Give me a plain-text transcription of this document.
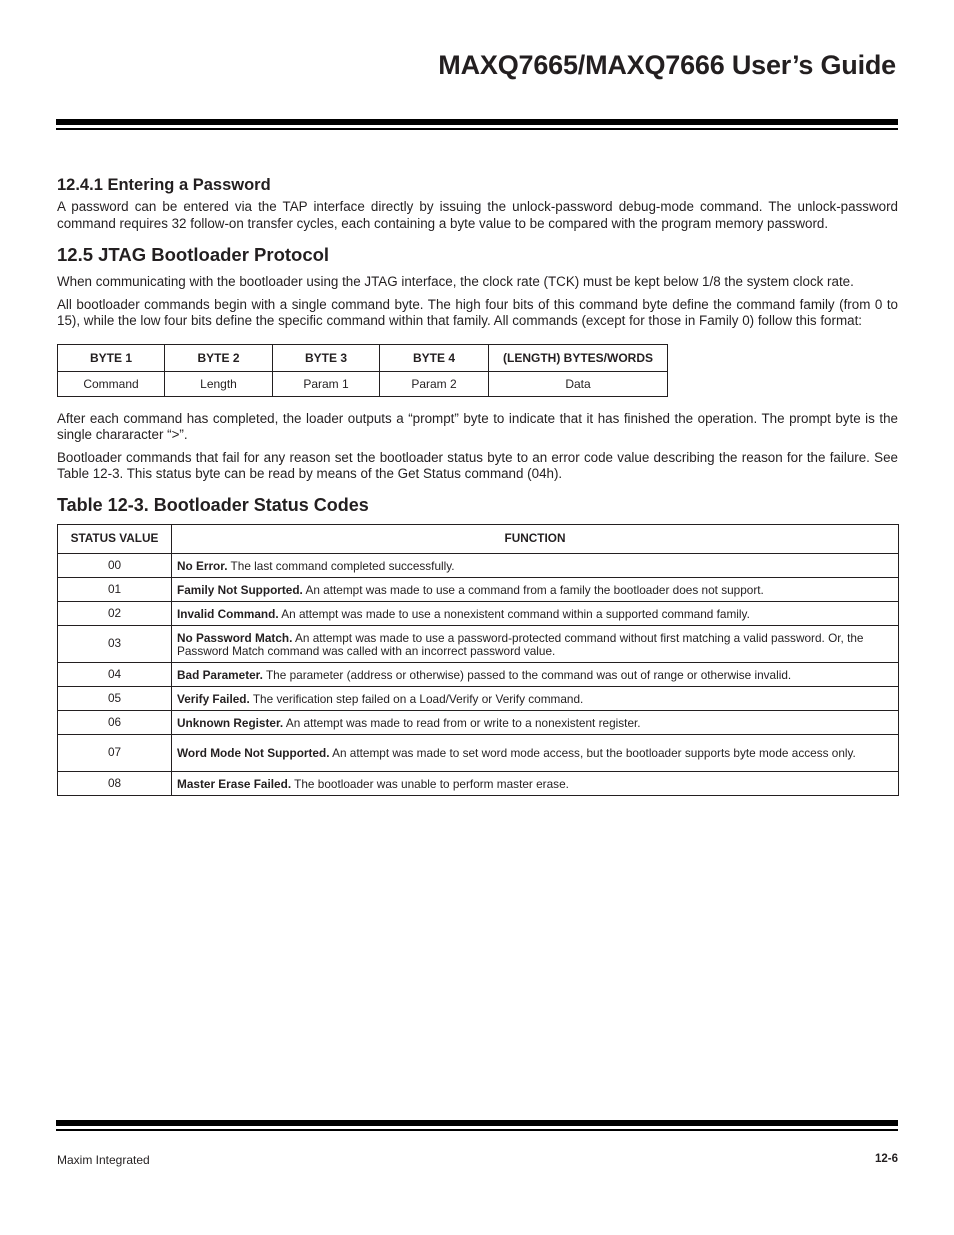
MAXQ7665/MAXQ7666 User’s Guide
12.4.1 Entering a Password

A password can be entered via the TAP interface directly by issuing the unlock-password debug-mode command. The unlock-password command requires 32 follow-on transfer cycles, each containing a byte value to be compared with the program memory password.

12.5 JTAG Bootloader Protocol

When communicating with the bootloader using the JTAG interface, the clock rate (TCK) must be kept below 1/8 the system clock rate.

All bootloader commands begin with a single command byte. The high four bits of this command byte define the command family (from 0 to 15), while the low four bits define the specific command within that family. All commands (except for those in Family 0) follow this format:

BYTE 1	BYTE 2	BYTE 3	BYTE 4	(LENGTH) BYTES/WORDS
Command	Length	Param 1	Param 2	Data

After each command has completed, the loader outputs a “prompt” byte to indicate that it has finished the operation. The prompt byte is the single chararacter “>”.

Bootloader commands that fail for any reason set the bootloader status byte to an error code value describing the reason for the failure. See Table 12-3. This status byte can be read by means of the Get Status command (04h).

Table 12-3. Bootloader Status Codes
STATUS VALUE	FUNCTION
00	No Error. The last command completed successfully.
01	Family Not Supported. An attempt was made to use a command from a family the bootloader does not support.
02	Invalid Command. An attempt was made to use a nonexistent command within a supported command family.
03	No Password Match. An attempt was made to use a password-protected command without first matching a valid password. Or, the Password Match command was called with an incorrect password value.
04	Bad Parameter. The parameter (address or otherwise) passed to the command was out of range or otherwise invalid.
05	Verify Failed. The verification step failed on a Load/Verify or Verify command.
06	Unknown Register. An attempt was made to read from or write to a nonexistent register.
07	Word Mode Not Supported. An attempt was made to set word mode access, but the bootloader supports byte mode access only.
08	Master Erase Failed. The bootloader was unable to perform master erase.
Maxim Integrated	12-6
